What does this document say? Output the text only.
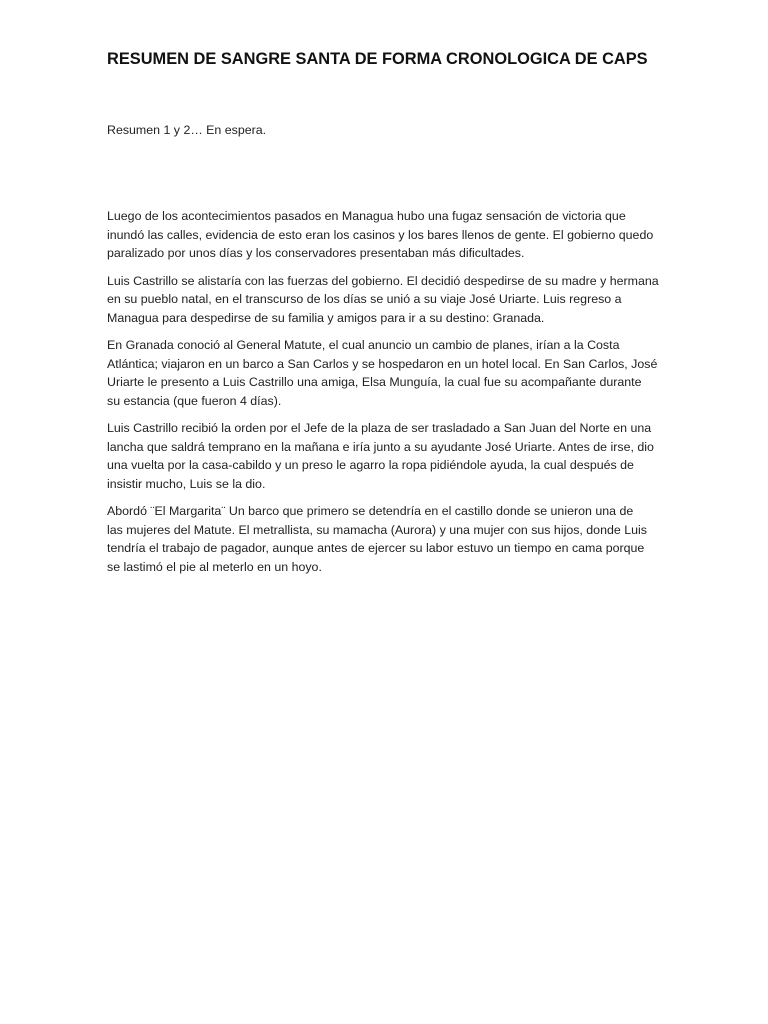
RESUMEN DE SANGRE SANTA DE FORMA CRONOLOGICA DE CAPS

Resumen 1 y 2… En espera.

Luego de los acontecimientos pasados en Managua hubo una fugaz sensación de victoria que
inundó las calles, evidencia de esto eran los casinos y los bares llenos de gente. El gobierno quedo
paralizado por unos días y los conservadores presentaban más dificultades.

Luis Castrillo se alistaría con las fuerzas del gobierno. El decidió despedirse de su madre y hermana
en su pueblo natal, en el transcurso de los días se unió a su viaje José Uriarte. Luis regreso a
Managua para despedirse de su familia y amigos para ir a su destino: Granada.

En Granada conoció al General Matute, el cual anuncio un cambio de planes, irían a la Costa
Atlántica; viajaron en un barco a San Carlos y se hospedaron en un hotel local. En San Carlos, José
Uriarte le presento a Luis Castrillo una amiga, Elsa Munguía, la cual fue su acompañante durante
su estancia (que fueron 4 días).

Luis Castrillo recibió la orden por el Jefe de la plaza de ser trasladado a San Juan del Norte en una
lancha que saldrá temprano en la mañana e iría junto a su ayudante José Uriarte. Antes de irse, dio
una vuelta por la casa-cabildo y un preso le agarro la ropa pidiéndole ayuda, la cual después de
insistir mucho, Luis se la dio.

Abordó ¨El Margarita¨ Un barco que primero se detendría en el castillo donde se unieron una de
las mujeres del Matute. El metrallista, su mamacha (Aurora) y una mujer con sus hijos, donde Luis
tendría el trabajo de pagador, aunque antes de ejercer su labor estuvo un tiempo en cama porque
se lastimó el pie al meterlo en un hoyo.
